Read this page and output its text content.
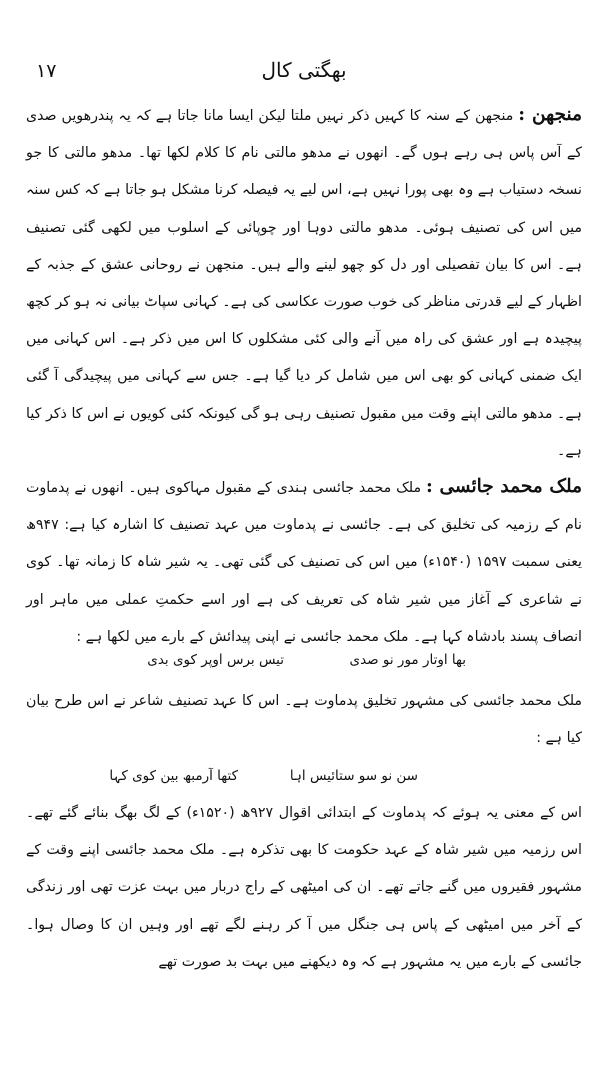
بھگتی کال
۱۷

منجھن : منجھن کے سنہ کا کہیں ذکر نہیں ملتا لیکن ایسا مانا جاتا ہے کہ یہ پندرھویں صدی کے آس پاس ہی رہے ہوں گے۔ انھوں نے مدھو مالتی نام کا کلام لکھا تھا۔ مدھو مالتی کا جو نسخہ دستیاب ہے وہ بھی پورا نہیں ہے، اس لیے یہ فیصلہ کرنا مشکل ہو جاتا ہے کہ کس سنہ میں اس کی تصنیف ہوئی۔ مدھو مالتی دوہا اور چوپائی کے اسلوب میں لکھی گئی تصنیف ہے۔ اس کا بیان تفصیلی اور دل کو چھو لینے والے ہیں۔ منجھن نے روحانی عشق کے جذبہ کے اظہار کے لیے قدرتی مناظر کی خوب صورت عکاسی کی ہے۔ کہانی سپاٹ بیانی نہ ہو کر کچھ پیچیدہ ہے اور عشق کی راہ میں آنے والی کئی مشکلوں کا اس میں ذکر ہے۔ اس کہانی میں ایک ضمنی کہانی کو بھی اس میں شامل کر دیا گیا ہے۔ جس سے کہانی میں پیچیدگی آ گئی ہے۔ مدھو مالتی اپنے وقت میں مقبول تصنیف رہی ہو گی کیونکہ کئی کویوں نے اس کا ذکر کیا ہے۔

ملک محمد جائسی : ملک محمد جائسی ہندی کے مقبول مہاکوی ہیں۔ انھوں نے پدماوت نام کے رزمیہ کی تخلیق کی ہے۔ جائسی نے پدماوت میں عہد تصنیف کا اشارہ کیا ہے: ۹۴۷ھ یعنی سمبت ۱۵۹۷ (۱۵۴۰ء) میں اس کی تصنیف کی گئی تھی۔ یہ شیر شاہ کا زمانہ تھا۔ کوی نے شاعری کے آغاز میں شیر شاہ کی تعریف کی ہے اور اسے حکمتِ عملی میں ماہر اور انصاف پسند بادشاہ کہا ہے۔ ملک محمد جائسی نے اپنی پیدائش کے بارے میں لکھا ہے :

بھا اوتار مور نو صدی
تیس برس اوپر کوی بدی

ملک محمد جائسی کی مشہور تخلیق پدماوت ہے۔ اس کا عہد تصنیف شاعر نے اس طرح بیان کیا ہے :

سن نو سو ستائیس اہا
کتھا آرمبھ بین کوی کہا

اس کے معنی یہ ہوئے کہ پدماوت کے ابتدائی اقوال ۹۲۷ھ (۱۵۲۰ء) کے لگ بھگ بنائے گئے تھے۔ اس رزمیہ میں شیر شاہ کے عہد حکومت کا بھی تذکرہ ہے۔ ملک محمد جائسی اپنے وقت کے مشہور فقیروں میں گنے جاتے تھے۔ ان کی امیٹھی کے راج دربار میں بہت عزت تھی اور زندگی کے آخر میں امیٹھی کے پاس ہی جنگل میں آ کر رہنے لگے تھے اور وہیں ان کا وصال ہوا۔ جائسی کے بارے میں یہ مشہور ہے کہ وہ دیکھنے میں بہت بد صورت تھے
